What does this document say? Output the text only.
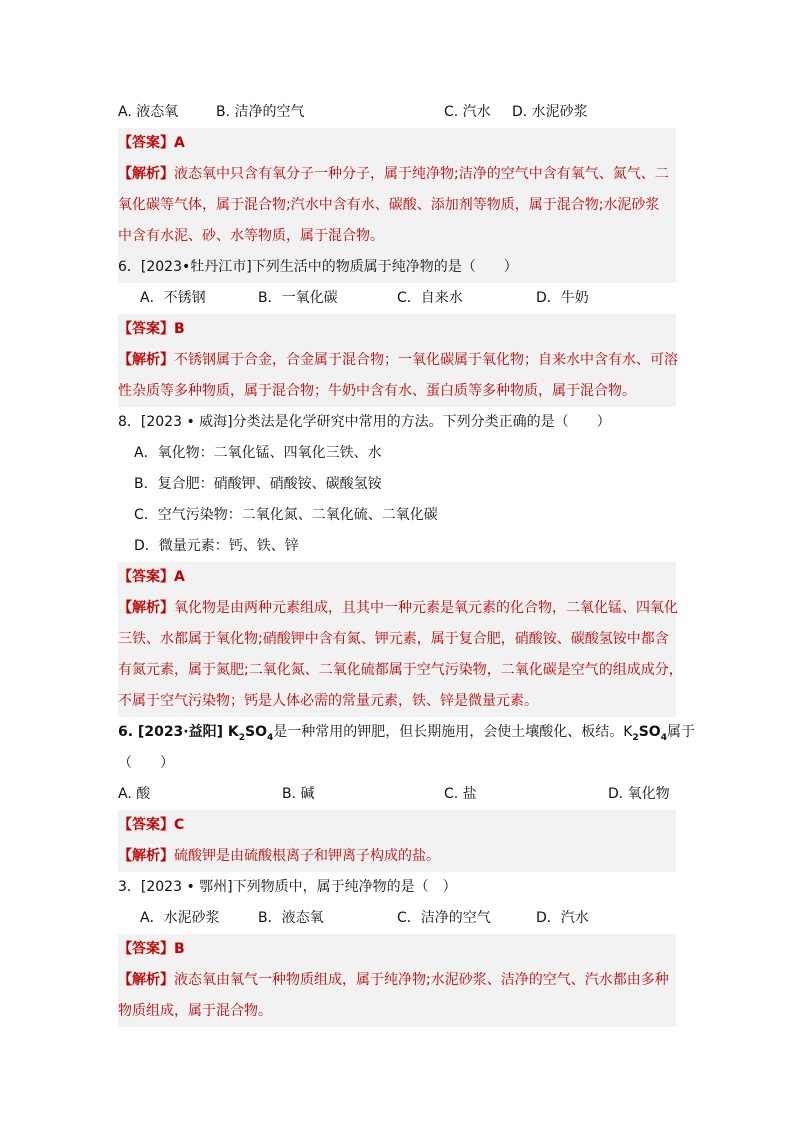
A. 液态氧	B. 洁净的空气	C. 汽水 D. 水泥砂浆
【答案】A
【解析】液态氧中只含有氧分子一种分子，属于纯净物;洁净的空气中含有氧气、氮气、二
氧化碳等气体，属于混合物;汽水中含有水、碳酸、添加剂等物质，属于混合物;水泥砂浆
中含有水泥、砂、水等物质，属于混合物。
6．[2023•牡丹江市]下列生活中的物质属于纯净物的是（　　）
A．不锈钢	B．一氧化碳	C．自来水	D．牛奶
【答案】B
【解析】不锈钢属于合金，合金属于混合物；一氧化碳属于氧化物；自来水中含有水、可溶
性杂质等多种物质，属于混合物；牛奶中含有水、蛋白质等多种物质，属于混合物。
8．[2023 • 威海]分类法是化学研究中常用的方法。下列分类正确的是（　　）
A．氧化物：二氧化锰、四氧化三铁、水
B．复合肥：硝酸钾、硝酸铵、碳酸氢铵
C．空气污染物：二氧化氮、二氧化硫、二氧化碳
D．微量元素：钙、铁、锌
【答案】A
【解析】氧化物是由两种元素组成，且其中一种元素是氧元素的化合物，二氧化锰、四氧化
三铁、水都属于氧化物;硝酸钾中含有氮、钾元素，属于复合肥，硝酸铵、碳酸氢铵中都含
有氮元素，属于氮肥;二氧化氮、二氧化硫都属于空气污染物，二氧化碳是空气的组成成分，
不属于空气污染物；钙是人体必需的常量元素，铁、锌是微量元素。
6. [2023·益阳] $K_2SO_4$是一种常用的钾肥，但长期施用，会使土壤酸化、板结。$K_2SO_4$属于
（　　）
A. 酸	B. 碱	C. 盐	D. 氧化物
【答案】C
【解析】硫酸钾是由硫酸根离子和钾离子构成的盐。
3．[2023 • 鄂州]下列物质中，属于纯净物的是（　）
A．水泥砂浆	B．液态氧	C．洁净的空气	D．汽水
【答案】B
【解析】液态氧由氧气一种物质组成，属于纯净物;水泥砂浆、洁净的空气、汽水都由多种
物质组成，属于混合物。
